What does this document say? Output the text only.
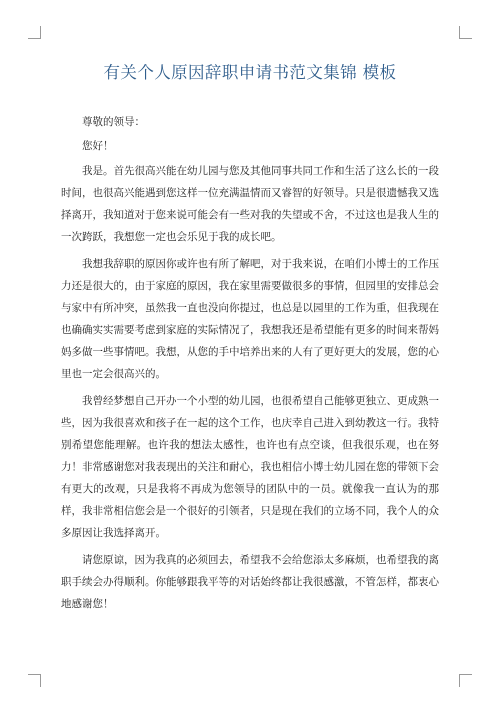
有关个人原因辞职申请书范文集锦 模板

尊敬的领导：

您好！

我是。首先很高兴能在幼儿园与您及其他同事共同工作和生活了这么长的一段时间，也很高兴能遇到您这样一位充满温情而又睿智的好领导。只是很遗憾我又选择离开，我知道对于您来说可能会有一些对我的失望或不舍，不过这也是我人生的一次跨跃，我想您一定也会乐见于我的成长吧。

我想我辞职的原因你或许也有所了解吧，对于我来说，在咱们小博士的工作压力还是很大的，由于家庭的原因，我在家里需要做很多的事情，但园里的安排总会与家中有所冲突，虽然我一直也没向你提过，也总是以园里的工作为重，但我现在也确确实实需要考虑到家庭的实际情况了，我想我还是希望能有更多的时间来帮妈妈多做一些事情吧。我想，从您的手中培养出来的人有了更好更大的发展，您的心里也一定会很高兴的。

我曾经梦想自己开办一个小型的幼儿园，也很希望自己能够更独立、更成熟一些，因为我很喜欢和孩子在一起的这个工作，也庆幸自己进入到幼教这一行。我特别希望您能理解。也许我的想法太感性，也许也有点空谈，但我很乐观，也在努力！非常感谢您对我表现出的关注和耐心，我也相信小博士幼儿园在您的带领下会有更大的改观，只是我将不再成为您领导的团队中的一员。就像我一直认为的那样，我非常相信您会是一个很好的引领者，只是现在我们的立场不同，我个人的众多原因让我选择离开。

请您原谅，因为我真的必须回去，希望我不会给您添太多麻烦，也希望我的离职手续会办得顺利。你能够跟我平等的对话始终都让我很感激，不管怎样，都衷心地感谢您！
